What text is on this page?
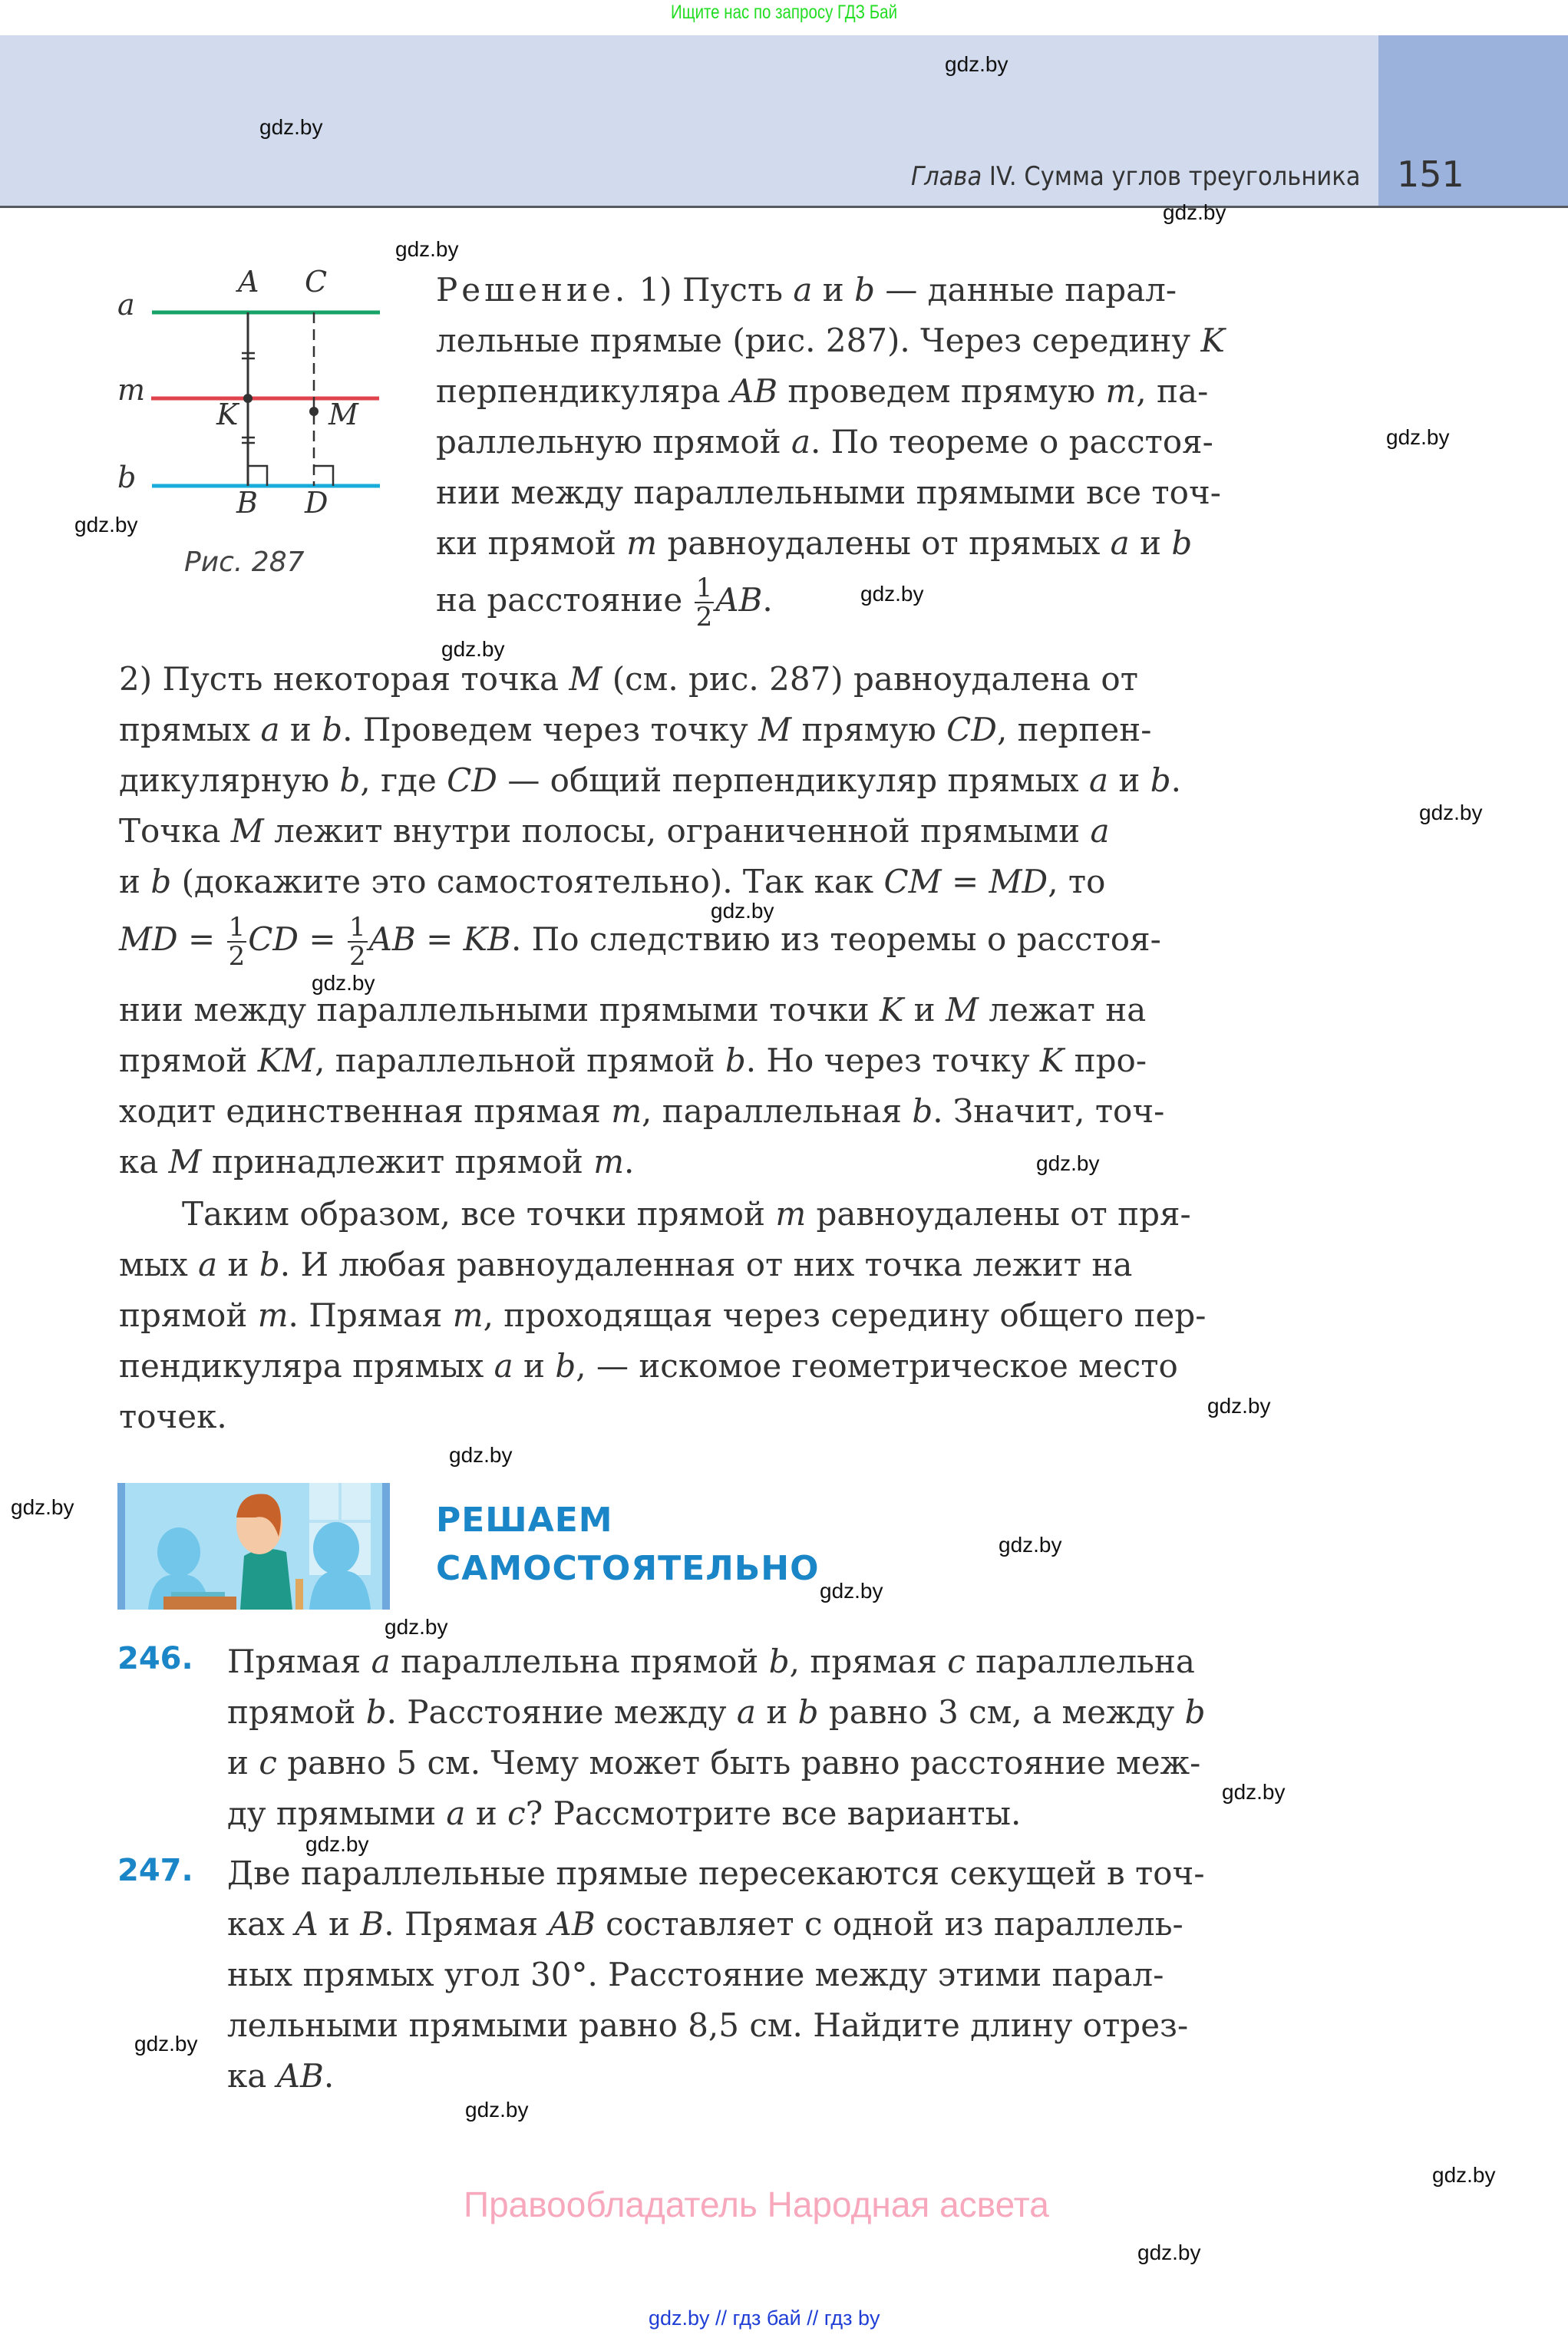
Ищите нас по запросу ГДЗ Бай
Глава IV. Сумма углов треугольника 151
a
m
b
A C
K	M
B D
Рис. 287
Решение. 1) Пусть a и b — данные парал-
лельные прямые (рис. 287). Через середину K
перпендикуляра AB проведем прямую m, па-
раллельную прямой a. По теореме о расстоя-
нии между параллельными прямыми все точ-
ки прямой m равноудалены от прямых a и b
на расстояние $\frac{1}{2}$ AB.
2) Пусть некоторая точка M (см. рис. 287) равноудалена от
прямых a и b. Проведем через точку M прямую CD, перпен-
дикулярную b, где CD — общий перпендикуляр прямых a и b.
Точка M лежит внутри полосы, ограниченной прямыми a
и b (докажите это самостоятельно). Так как CM = MD, то
MD = $\frac{1}{2}$ CD = $\frac{1}{2}$ AB = KB. По следствию из теоремы о расстоя-
нии между параллельными прямыми точки K и M лежат на
прямой KM, параллельной прямой b. Но через точку K про-
ходит единственная прямая m, параллельная b. Значит, точ-
ка M принадлежит прямой m.
Таким образом, все точки прямой m равноудалены от пря-
мых a и b. И любая равноудаленная от них точка лежит на
прямой m. Прямая m, проходящая через середину общего пер-
пендикуляра прямых a и b, — искомое геометрическое место
точек.
РЕШАЕМ
САМОСТОЯТЕЛЬНО
246. Прямая a параллельна прямой b, прямая c параллельна
прямой b. Расстояние между a и b равно 3 см, а между b
и c равно 5 см. Чему может быть равно расстояние меж-
ду прямыми a и c? Рассмотрите все варианты.
247. Две параллельные прямые пересекаются секущей в точ-
ках A и B. Прямая AB составляет с одной из параллель-
ных прямых угол 30°. Расстояние между этими парал-
лельными прямыми равно 8,5 см. Найдите длину отрез-
ка AB.
Правообладатель Народная асвета
gdz.by // гдз бай // гдз by
gdz.by
gdz.by
gdz.by
gdz.by
gdz.by
gdz.by
gdz.by
gdz.by
gdz.by
gdz.by
gdz.by
gdz.by
gdz.by
gdz.by
gdz.by
gdz.by
gdz.by
gdz.by
gdz.by
gdz.by
gdz.by
gdz.by
gdz.by
gdz.by
